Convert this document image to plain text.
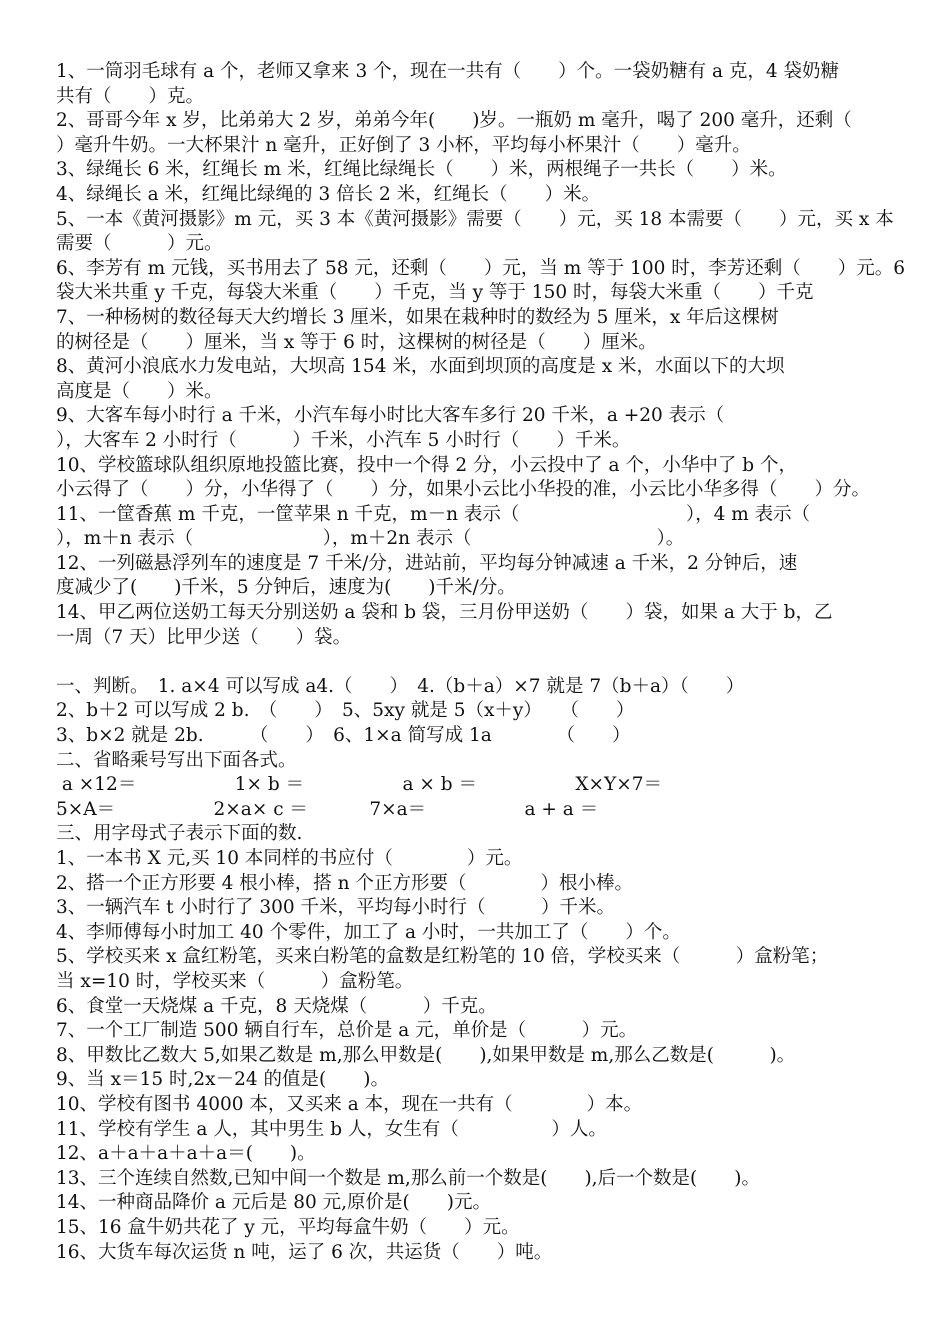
1、一筒羽毛球有 a 个，老师又拿来 3 个，现在一共有（　　）个。一袋奶糖有 a 克，4 袋奶糖
共有（　　）克。
2、哥哥今年 x 岁，比弟弟大 2 岁，弟弟今年(　　)岁。一瓶奶 m 毫升，喝了 200 毫升，还剩（
）毫升牛奶。一大杯果汁 n 毫升，正好倒了 3 小杯，平均每小杯果汁（　　）毫升。
3、绿绳长 6 米，红绳长 m 米，红绳比绿绳长（　　）米，两根绳子一共长（　　）米。
4、绿绳长 a 米，红绳比绿绳的 3 倍长 2 米，红绳长（　　）米。
5、一本《黄河摄影》m 元，买 3 本《黄河摄影》需要（　　）元，买 18 本需要（　　）元，买 x 本
需要（　　　）元。
6、李芳有 m 元钱，买书用去了 58 元，还剩（　　）元，当 m 等于 100 时，李芳还剩（　　）元。6
袋大米共重 y 千克，每袋大米重（　　）千克，当 y 等于 150 时，每袋大米重（　　）千克
7、一种杨树的数径每天大约增长 3 厘米，如果在栽种时的数经为 5 厘米，x 年后这棵树
的树径是（　　）厘米，当 x 等于 6 时，这棵树的树径是（　　）厘米。
8、黄河小浪底水力发电站，大坝高 154 米，水面到坝顶的高度是 x 米，水面以下的大坝
高度是（　　）米。
9、大客车每小时行 a 千米，小汽车每小时比大客车多行 20 千米，a +20 表示（
），大客车 2 小时行（　　　）千米，小汽车 5 小时行（　　）千米。
10、学校篮球队组织原地投篮比赛，投中一个得 2 分，小云投中了 a 个，小华中了 b 个，
小云得了（　　）分，小华得了（　　）分，如果小云比小华投的准，小云比小华多得（　　）分。
11、一筐香蕉 m 千克，一筐苹果 n 千克，m－n 表示（　　　　　　　　　），4 m 表示（
），m＋n 表示（　　　　　　　），m＋2n 表示（　　　　　　　　　　）。
12、一列磁悬浮列车的速度是 7 千米/分，进站前，平均每分钟减速 a 千米，2 分钟后，速
度减少了(　　)千米，5 分钟后，速度为(　　)千米/分。
14、甲乙两位送奶工每天分别送奶 a 袋和 b 袋，三月份甲送奶（　　）袋，如果 a 大于 b，乙
一周（7 天）比甲少送（　　）袋。
一、判断。　1. a×4 可以写成 a4.（　　）　4.（b＋a）×7 就是 7（b＋a）（　　）
2、b＋2 可以写成 2 b.　（　　）　5、5xy 就是 5（x＋y）　　（　　）
3、b×2 就是 2b.　　　（　　）　6、1×a 简写成 1a　　　　（　　）
二、省略乘号写出下面各式。
a ×12＝　　　　　 1× b ＝　　　　　 a × b ＝　　　　　 X×Y×7＝
5×A＝　　　　　 2×a× c ＝　　　 7×a＝　　　　　 a + a ＝
三、用字母式子表示下面的数.
1、一本书 X 元,买 10 本同样的书应付（　　　　）元。
2、搭一个正方形要 4 根小棒，搭 n 个正方形要（　　　　）根小棒。
3、一辆汽车 t 小时行了 300 千米，平均每小时行（　　　）千米。
4、李师傅每小时加工 40 个零件，加工了 a 小时，一共加工了（　　）个。
5、学校买来 x 盒红粉笔，买来白粉笔的盒数是红粉笔的 10 倍，学校买来（　　　）盒粉笔；
当 x=10 时，学校买来（　　　）盒粉笔。
6、食堂一天烧煤 a 千克，8 天烧煤（　　　）千克。
7、一个工厂制造 500 辆自行车，总价是 a 元，单价是（　　　）元。
8、甲数比乙数大 5,如果乙数是 m,那么甲数是(　　),如果甲数是 m,那么乙数是(　　　)。
9、当 x＝15 时,2x－24 的值是(　　)。
10、学校有图书 4000 本，又买来 a 本，现在一共有（　　　　）本。
11、学校有学生 a 人，其中男生 b 人，女生有（　　　　　）人。
12、a＋a＋a＋a＋a＝(　　)。
13、三个连续自然数,已知中间一个数是 m,那么前一个数是(　　),后一个数是(　　)。
14、一种商品降价 a 元后是 80 元,原价是(　　)元。
15、16 盒牛奶共花了 y 元，平均每盒牛奶（　　）元。
16、大货车每次运货 n 吨，运了 6 次，共运货（　　）吨。
